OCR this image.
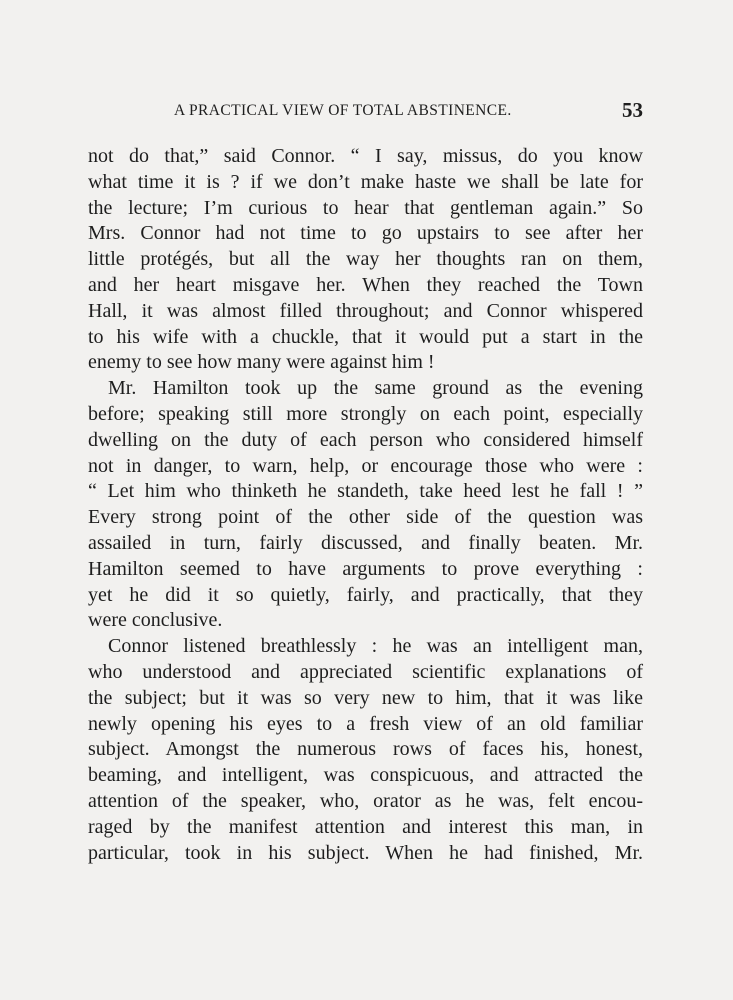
A PRACTICAL VIEW OF TOTAL ABSTINENCE.	53
not do that,” said Connor. “ I say, missus, do you know
what time it is ? if we don’t make haste we shall be late for
the lecture; I’m curious to hear that gentleman again.” So
Mrs. Connor had not time to go upstairs to see after her
little protégés, but all the way her thoughts ran on them,
and her heart misgave her. When they reached the Town
Hall, it was almost filled throughout; and Connor whispered
to his wife with a chuckle, that it would put a start in the
enemy to see how many were against him !
Mr. Hamilton took up the same ground as the evening
before; speaking still more strongly on each point, especially
dwelling on the duty of each person who considered himself
not in danger, to warn, help, or encourage those who were :
“ Let him who thinketh he standeth, take heed lest he fall ! ”
Every strong point of the other side of the question was
assailed in turn, fairly discussed, and finally beaten. Mr.
Hamilton seemed to have arguments to prove everything :
yet he did it so quietly, fairly, and practically, that they
were conclusive.
Connor listened breathlessly : he was an intelligent man,
who understood and appreciated scientific explanations of
the subject; but it was so very new to him, that it was like
newly opening his eyes to a fresh view of an old familiar
subject. Amongst the numerous rows of faces his, honest,
beaming, and intelligent, was conspicuous, and attracted the
attention of the speaker, who, orator as he was, felt encou-
raged by the manifest attention and interest this man, in
particular, took in his subject. When he had finished, Mr.
